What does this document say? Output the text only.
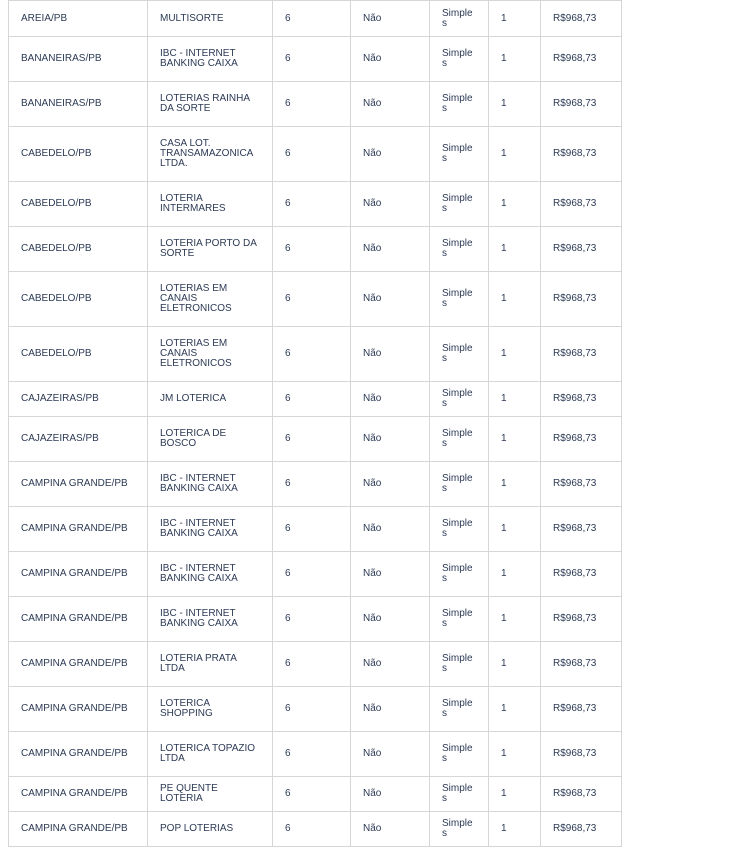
AREIA/PB	MULTISORTE	6	Não	Simples	1	R$968,73
BANANEIRAS/PB	IBC - INTERNET BANKING CAIXA	6	Não	Simples	1	R$968,73
BANANEIRAS/PB	LOTERIAS RAINHA DA SORTE	6	Não	Simples	1	R$968,73
CABEDELO/PB	CASA LOT. TRANSAMAZONICA LTDA.	6	Não	Simples	1	R$968,73
CABEDELO/PB	LOTERIA INTERMARES	6	Não	Simples	1	R$968,73
CABEDELO/PB	LOTERIA PORTO DA SORTE	6	Não	Simples	1	R$968,73
CABEDELO/PB	LOTERIAS EM CANAIS ELETRONICOS	6	Não	Simples	1	R$968,73
CABEDELO/PB	LOTERIAS EM CANAIS ELETRONICOS	6	Não	Simples	1	R$968,73
CAJAZEIRAS/PB	JM LOTERICA	6	Não	Simples	1	R$968,73
CAJAZEIRAS/PB	LOTERICA DE BOSCO	6	Não	Simples	1	R$968,73
CAMPINA GRANDE/PB	IBC - INTERNET BANKING CAIXA	6	Não	Simples	1	R$968,73
CAMPINA GRANDE/PB	IBC - INTERNET BANKING CAIXA	6	Não	Simples	1	R$968,73
CAMPINA GRANDE/PB	IBC - INTERNET BANKING CAIXA	6	Não	Simples	1	R$968,73
CAMPINA GRANDE/PB	IBC - INTERNET BANKING CAIXA	6	Não	Simples	1	R$968,73
CAMPINA GRANDE/PB	LOTERIA PRATA LTDA	6	Não	Simples	1	R$968,73
CAMPINA GRANDE/PB	LOTERICA SHOPPING	6	Não	Simples	1	R$968,73
CAMPINA GRANDE/PB	LOTERICA TOPAZIO LTDA	6	Não	Simples	1	R$968,73
CAMPINA GRANDE/PB	PE QUENTE LOTERIA	6	Não	Simples	1	R$968,73
CAMPINA GRANDE/PB	POP LOTERIAS	6	Não	Simples	1	R$968,73
